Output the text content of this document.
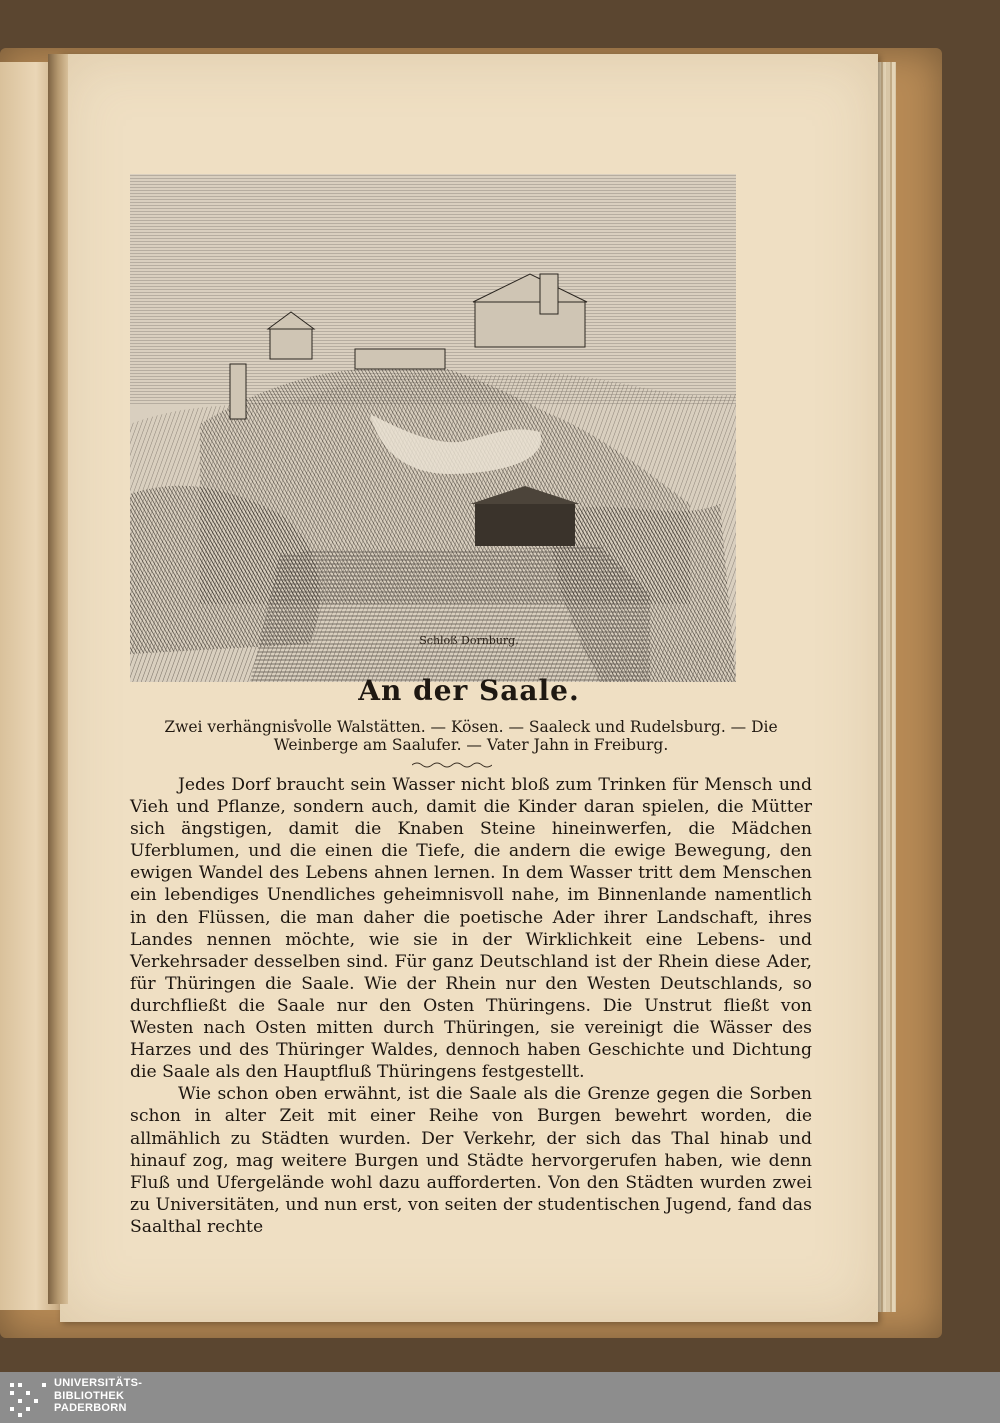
Schloß Dornburg.
An der Saale.
Zwei verhängnisvolle Walstätten. — Kösen. — Saaleck und Rudelsburg. — Die
Weinberge am Saalufer. — Vater Jahn in Freiburg.

Jedes Dorf braucht sein Wasser nicht bloß zum Trinken für Mensch und Vieh und Pflanze, sondern auch, damit die Kinder daran spielen, die Mütter sich ängstigen, damit die Knaben Steine hineinwerfen, die Mädchen Uferblumen, und die einen die Tiefe, die andern die ewige Bewegung, den ewigen Wandel des Lebens ahnen lernen. In dem Wasser tritt dem Menschen ein lebendiges Unendliches geheimnisvoll nahe, im Binnenlande namentlich in den Flüssen, die man daher die poetische Ader ihrer Landschaft, ihres Landes nennen möchte, wie sie in der Wirklichkeit eine Lebens- und Verkehrsader desselben sind. Für ganz Deutschland ist der Rhein diese Ader, für Thüringen die Saale. Wie der Rhein nur den Westen Deutschlands, so durchfließt die Saale nur den Osten Thüringens. Die Unstrut fließt von Westen nach Osten mitten durch Thüringen, sie vereinigt die Wässer des Harzes und des Thüringer Waldes, dennoch haben Geschichte und Dichtung die Saale als den Hauptfluß Thüringens festgestellt.

Wie schon oben erwähnt, ist die Saale als die Grenze gegen die Sorben schon in alter Zeit mit einer Reihe von Burgen bewehrt worden, die allmählich zu Städten wurden. Der Verkehr, der sich das Thal hinab und hinauf zog, mag weitere Burgen und Städte hervorgerufen haben, wie denn Fluß und Ufergelände wohl dazu aufforderten. Von den Städten wurden zwei zu Universitäten, und nun erst, von seiten der studentischen Jugend, fand das Saalthal rechte

UNIVERSITÄTS-
BIBLIOTHEK
PADERBORN
